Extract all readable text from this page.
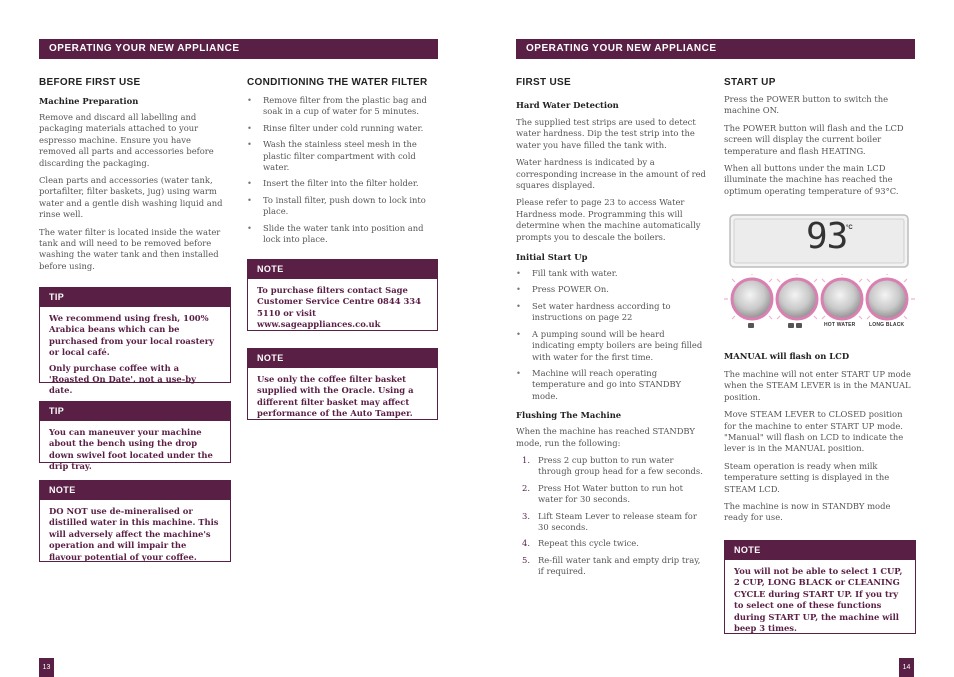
OPERATING YOUR NEW APPLIANCE
BEFORE FIRST USE
Machine Preparation

Remove and discard all labelling and packaging materials attached to your espresso machine. Ensure you have removed all parts and accessories before discarding the packaging.

Clean parts and accessories (water tank, portafilter, filter baskets, jug) using warm water and a gentle dish washing liquid and rinse well.

The water filter is located inside the water tank and will need to be removed before washing the water tank and then installed before using.

TIP

We recommend using fresh, 100% Arabica beans which can be purchased from your local roastery or local café.

Only purchase coffee with a 'Roasted On Date', not a use-by date.

TIP

You can maneuver your machine about the bench using the drop down swivel foot located under the drip tray.

NOTE

DO NOT use de-mineralised or distilled water in this machine. This will adversely affect the machine's operation and will impair the flavour potential of your coffee.

CONDITIONING THE WATER FILTER
• Remove filter from the plastic bag and soak in a cup of water for 5 minutes.
• Rinse filter under cold running water.
• Wash the stainless steel mesh in the plastic filter compartment with cold water.
• Insert the filter into the filter holder.
• To install filter, push down to lock into place.
• Slide the water tank into position and lock into place.
NOTE

To purchase filters contact Sage Customer Service Centre 0844 334 5110 or visit www.sageappliances.co.uk

NOTE

Use only the coffee filter basket supplied with the Oracle. Using a different filter basket may affect performance of the Auto Tamper.

13
OPERATING YOUR NEW APPLIANCE
FIRST USE
Hard Water Detection

The supplied test strips are used to detect water hardness. Dip the test strip into the water you have filled the tank with.

Water hardness is indicated by a corresponding increase in the amount of red squares displayed.

Please refer to page 23 to access Water Hardness mode. Programming this will determine when the machine automatically prompts you to descale the boilers.

Initial Start Up
• Fill tank with water.
• Press POWER On.
• Set water hardness according to instructions on page 22
• A pumping sound will be heard indicating empty boilers are being filled with water for the first time.
• Machine will reach operating temperature and go into STANDBY mode.
Flushing The Machine

When the machine has reached STANDBY mode, run the following:

1. Press 2 cup button to run water through group head for a few seconds.
2. Press Hot Water button to run hot water for 30 seconds.
3. Lift Steam Lever to release steam for 30 seconds.
4. Repeat this cycle twice.
5. Re-fill water tank and empty drip tray, if required.
START UP

Press the POWER button to switch the machine ON.

The POWER button will flash and the LCD screen will display the current boiler temperature and flash HEATING.

When all buttons under the main LCD illuminate the machine has reached the optimum operating temperature of 93°C.

93
°C
HOT WATER	LONG BLACK
MANUAL will flash on LCD

The machine will not enter START UP mode when the STEAM LEVER is in the MANUAL position.

Move STEAM LEVER to CLOSED position for the machine to enter START UP mode. "Manual" will flash on LCD to indicate the lever is in the MANUAL position.

Steam operation is ready when milk temperature setting is displayed in the STEAM LCD.

The machine is now in STANDBY mode ready for use.

NOTE

You will not be able to select 1 CUP, 2 CUP, LONG BLACK or CLEANING CYCLE during START UP. If you try to select one of these functions during START UP, the machine will beep 3 times.

14
